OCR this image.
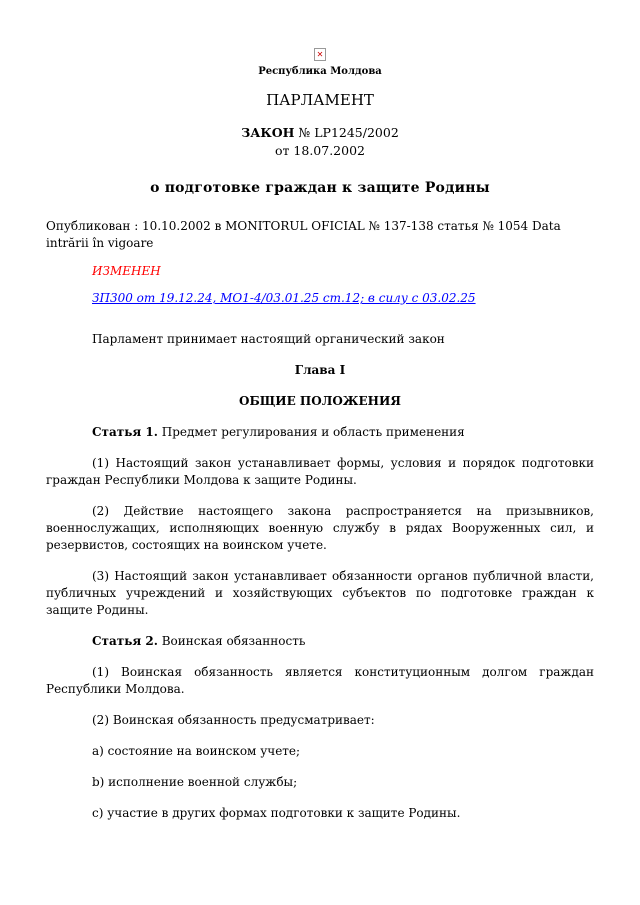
✕
Республика Молдова
ПАРЛАМЕНТ
ЗАКОН № LP1245/2002
от 18.07.2002
о подготовке граждан к защите Родины

Опубликован : 10.10.2002 в MONITORUL OFICIAL № 137-138 статья № 1054 Data intrării în vigoare

ИЗМЕНЕН

ЗП300 от 19.12.24, MO1-4/03.01.25 ст.12; в силу с 03.02.25

Парламент принимает настоящий органический закон

Глава I

ОБЩИЕ ПОЛОЖЕНИЯ

Статья 1. Предмет регулирования и область применения

(1) Настоящий закон устанавливает формы, условия и порядок подготовки граждан Республики Молдова к защите Родины.

(2) Действие настоящего закона распространяется на призывников, военнослужащих, исполняющих военную службу в рядах Вооруженных сил, и резервистов, состоящих на воинском учете.

(3) Настоящий закон устанавливает обязанности органов публичной власти, публичных учреждений и хозяйствующих субъектов по подготовке граждан к защите Родины.

Статья 2. Воинская обязанность

(1) Воинская обязанность является конституционным долгом граждан Республики Молдова.

(2) Воинская обязанность предусматривает:

a) состояние на воинском учете;

b) исполнение военной службы;

c) участие в других формах подготовки к защите Родины.
